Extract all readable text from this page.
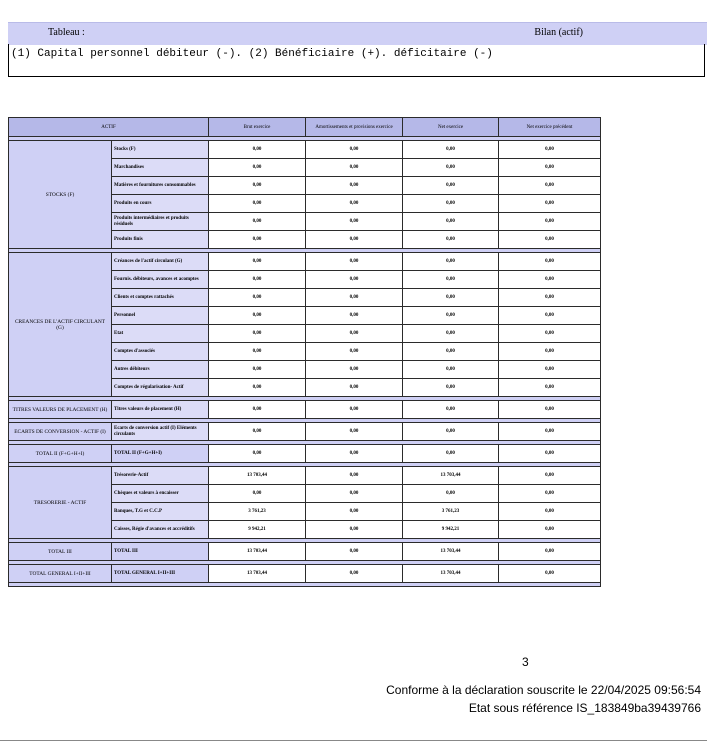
Tableau :	Bilan (actif)
(1) Capital personnel débiteur (-). (2) Bénéficiaire (+). déficitaire (-)
ACTIF		Brut exercice	Amortissements et provisions exercice	Net exercice	Net exercice précédent

STOCKS (F)	Stocks (F)	0,00	0,00	0,00	0,00
	Marchandises	0,00	0,00	0,00	0,00
	Matières et fournitures consommables	0,00	0,00	0,00	0,00
	Produits en cours	0,00	0,00	0,00	0,00
	Produits intermédiaires et produits résiduels	0,00	0,00	0,00	0,00
	Produits finis	0,00	0,00	0,00	0,00

CREANCES DE L'ACTIF CIRCULANT (G)	Créances de l'actif circulant (G)	0,00	0,00	0,00	0,00
	Fournis. débiteurs, avances et acomptes	0,00	0,00	0,00	0,00
	Clients et comptes rattachés	0,00	0,00	0,00	0,00
	Personnel	0,00	0,00	0,00	0,00
	Etat	0,00	0,00	0,00	0,00
	Comptes d'associés	0,00	0,00	0,00	0,00
	Autres débiteurs	0,00	0,00	0,00	0,00
	Comptes de régularisation- Actif	0,00	0,00	0,00	0,00

TITRES VALEURS DE PLACEMENT (H)	Titres valeurs de placement (H)	0,00	0,00	0,00	0,00

ECARTS DE CONVERSION - ACTIF (I)	Ecarts de conversion actif (I) Eléments circulants	0,00	0,00	0,00	0,00

TOTAL II (F+G+H+I)	TOTAL II (F+G+H+I)	0,00	0,00	0,00	0,00

TRESORERIE - ACTIF	Trésorerie-Actif	13 703,44	0,00	13 703,44	0,00
	Chèques et valeurs à encaisser	0,00	0,00	0,00	0,00
	Banques, T.G et C.C.P	3 761,23	0,00	3 761,23	0,00
	Caisses, Régie d'avances et accréditifs	9 942,21	0,00	9 942,21	0,00

TOTAL III	TOTAL III	13 703,44	0,00	13 703,44	0,00

TOTAL GENERAL I+II+III	TOTAL GENERAL I+II+III	13 703,44	0,00	13 703,44	0,00

3
Conforme à la déclaration souscrite le 22/04/2025 09:56:54
Etat sous référence IS_183849ba39439766
